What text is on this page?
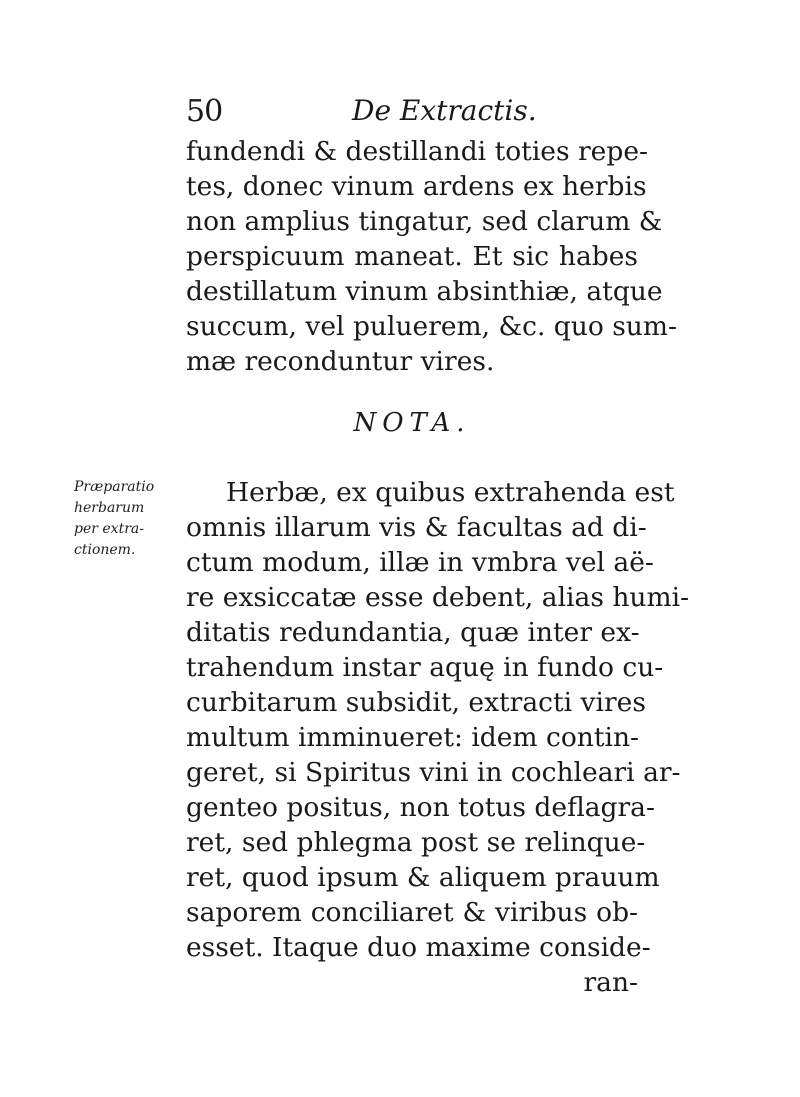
50	De Extractis.
fundendi & destillandi toties repe-
tes, donec vinum ardens ex herbis
non amplius tingatur, sed clarum &
perspicuum maneat. Et sic habes
destillatum vinum absinthiæ, atque
succum, vel puluerem, &c. quo sum-
mæ reconduntur vires.
NOTA.
Præparatio
herbarum
per extra-
ctionem.
Herbæ, ex quibus extrahenda est
omnis illarum vis & facultas ad di-
ctum modum, illæ in vmbra vel aë-
re exsiccatæ esse debent, alias humi-
ditatis redundantia, quæ inter ex-
trahendum instar aquę in fundo cu-
curbitarum subsidit, extracti vires
multum imminueret: idem contin-
geret, si Spiritus vini in cochleari ar-
genteo positus, non totus deflagra-
ret, sed phlegma post se relinque-
ret, quod ipsum & aliquem prauum
saporem conciliaret & viribus ob-
esset. Itaque duo maxime conside-
ran-
